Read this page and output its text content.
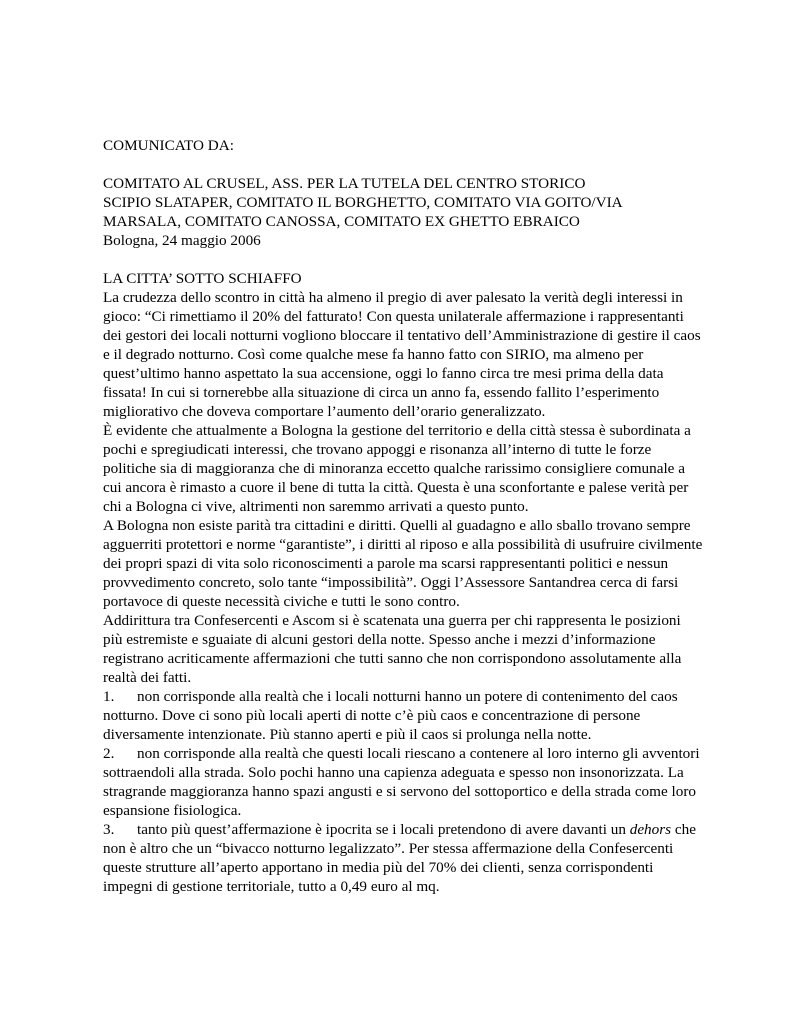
COMUNICATO DA:

COMITATO AL CRUSEL, ASS. PER LA TUTELA DEL CENTRO STORICO

SCIPIO SLATAPER, COMITATO IL BORGHETTO, COMITATO VIA GOITO/VIA

MARSALA, COMITATO CANOSSA, COMITATO EX GHETTO EBRAICO

Bologna, 24 maggio 2006

LA CITTA’ SOTTO SCHIAFFO

La crudezza dello scontro in città ha almeno il pregio di aver palesato la verità degli interessi in gioco: “Ci rimettiamo il 20% del fatturato! Con questa unilaterale affermazione i rappresentanti dei gestori dei locali notturni vogliono bloccare il tentativo dell’Amministrazione di gestire il caos e il degrado notturno. Così come qualche mese fa hanno fatto con SIRIO, ma almeno per quest’ultimo hanno aspettato la sua accensione, oggi lo fanno circa tre mesi prima della data fissata! In cui si tornerebbe alla situazione di circa un anno fa, essendo fallito l’esperimento migliorativo che doveva comportare l’aumento dell’orario generalizzato.

È evidente che attualmente a Bologna la gestione del territorio e della città stessa è subordinata a pochi e spregiudicati interessi, che trovano appoggi e risonanza all’interno di tutte le forze politiche sia di maggioranza che di minoranza eccetto qualche rarissimo consigliere comunale a cui ancora è rimasto a cuore il bene di tutta la città. Questa è una sconfortante e palese verità per chi a Bologna ci vive, altrimenti non saremmo arrivati a questo punto.

A Bologna non esiste parità tra cittadini e diritti. Quelli al guadagno e allo sballo trovano sempre agguerriti protettori e norme “garantiste”, i diritti al riposo e alla possibilità di usufruire civilmente dei propri spazi di vita solo riconoscimenti a parole ma scarsi rappresentanti politici e nessun provvedimento concreto, solo tante “impossibilità”. Oggi l’Assessore Santandrea cerca di farsi portavoce di queste necessità civiche e tutti le sono contro.

Addirittura tra Confesercenti e Ascom si è scatenata una guerra per chi rappresenta le posizioni più estremiste e sguaiate di alcuni gestori della notte. Spesso anche i mezzi d’informazione registrano acriticamente affermazioni che tutti sanno che non corrispondono assolutamente alla realtà dei fatti.

1. non corrisponde alla realtà che i locali notturni hanno un potere di contenimento del caos notturno. Dove ci sono più locali aperti di notte c’è più caos e concentrazione di persone diversamente intenzionate. Più stanno aperti e più il caos si prolunga nella notte.

2. non corrisponde alla realtà che questi locali riescano a contenere al loro interno gli avventori sottraendoli alla strada. Solo pochi hanno una capienza adeguata e spesso non insonorizzata. La stragrande maggioranza hanno spazi angusti e si servono del sottoportico e della strada come loro espansione fisiologica.

3. tanto più quest’affermazione è ipocrita se i locali pretendono di avere davanti un dehors che non è altro che un “bivacco notturno legalizzato”. Per stessa affermazione della Confesercenti queste strutture all’aperto apportano in media più del 70% dei clienti, senza corrispondenti impegni di gestione territoriale, tutto a 0,49 euro al mq.
